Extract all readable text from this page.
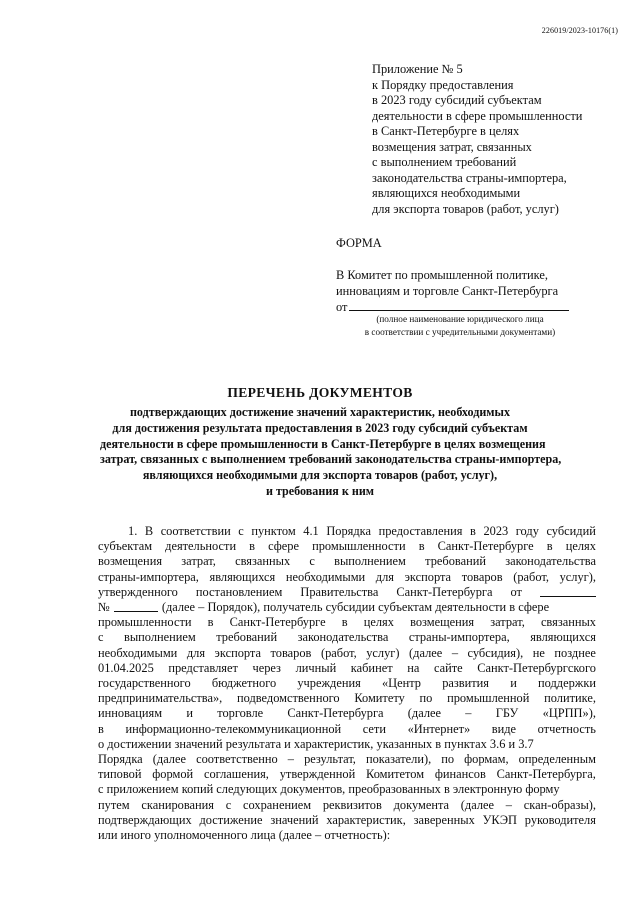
226019/2023-10176(1)
Приложение № 5
к Порядку предоставления
в 2023 году субсидий субъектам
деятельности в сфере промышленности
в Санкт-Петербурге в целях
возмещения затрат, связанных
с выполнением требований
законодательства страны-импортера,
являющихся необходимыми
для экспорта товаров (работ, услуг)
ФОРМА
В Комитет по промышленной политике,
инновациям и торговле Санкт-Петербурга
от
(полное наименование юридического лица
в соответствии с учредительными документами)
ПЕРЕЧЕНЬ ДОКУМЕНТОВ
подтверждающих достижение значений характеристик, необходимых
для достижения результата предоставления в 2023 году субсидий субъектам
деятельности в сфере промышленности в Санкт-Петербурге в целях возмещения
затрат, связанных с выполнением требований законодательства страны-импортера,
являющихся необходимыми для экспорта товаров (работ, услуг),
и требования к ним
1. В соответствии с пунктом 4.1 Порядка предоставления в 2023 году субсидий
субъектам деятельности в сфере промышленности в Санкт-Петербурге в целях
возмещения затрат, связанных с выполнением требований законодательства
страны-импортера, являющихся необходимыми для экспорта товаров (работ, услуг),
утвержденного постановлением Правительства Санкт-Петербурга от
№	(далее – Порядок), получатель субсидии субъектам деятельности в сфере
промышленности в Санкт-Петербурге в целях возмещения затрат, связанных
с выполнением требований законодательства страны-импортера, являющихся
необходимыми для экспорта товаров (работ, услуг) (далее – субсидия), не позднее
01.04.2025 представляет через личный кабинет на сайте Санкт-Петербургского
государственного бюджетного учреждения «Центр развития и поддержки
предпринимательства», подведомственного Комитету по промышленной политике,
инновациям и торговле Санкт-Петербурга (далее – ГБУ «ЦРПП»),
в информационно-телекоммуникационной сети «Интернет» виде отчетность
о достижении значений результата и характеристик, указанных в пунктах 3.6 и 3.7
Порядка (далее соответственно – результат, показатели), по формам, определенным
типовой формой соглашения, утвержденной Комитетом финансов Санкт-Петербурга,
с приложением копий следующих документов, преобразованных в электронную форму
путем сканирования с сохранением реквизитов документа (далее – скан-образы),
подтверждающих достижение значений характеристик, заверенных УКЭП руководителя
или иного уполномоченного лица (далее – отчетность):
